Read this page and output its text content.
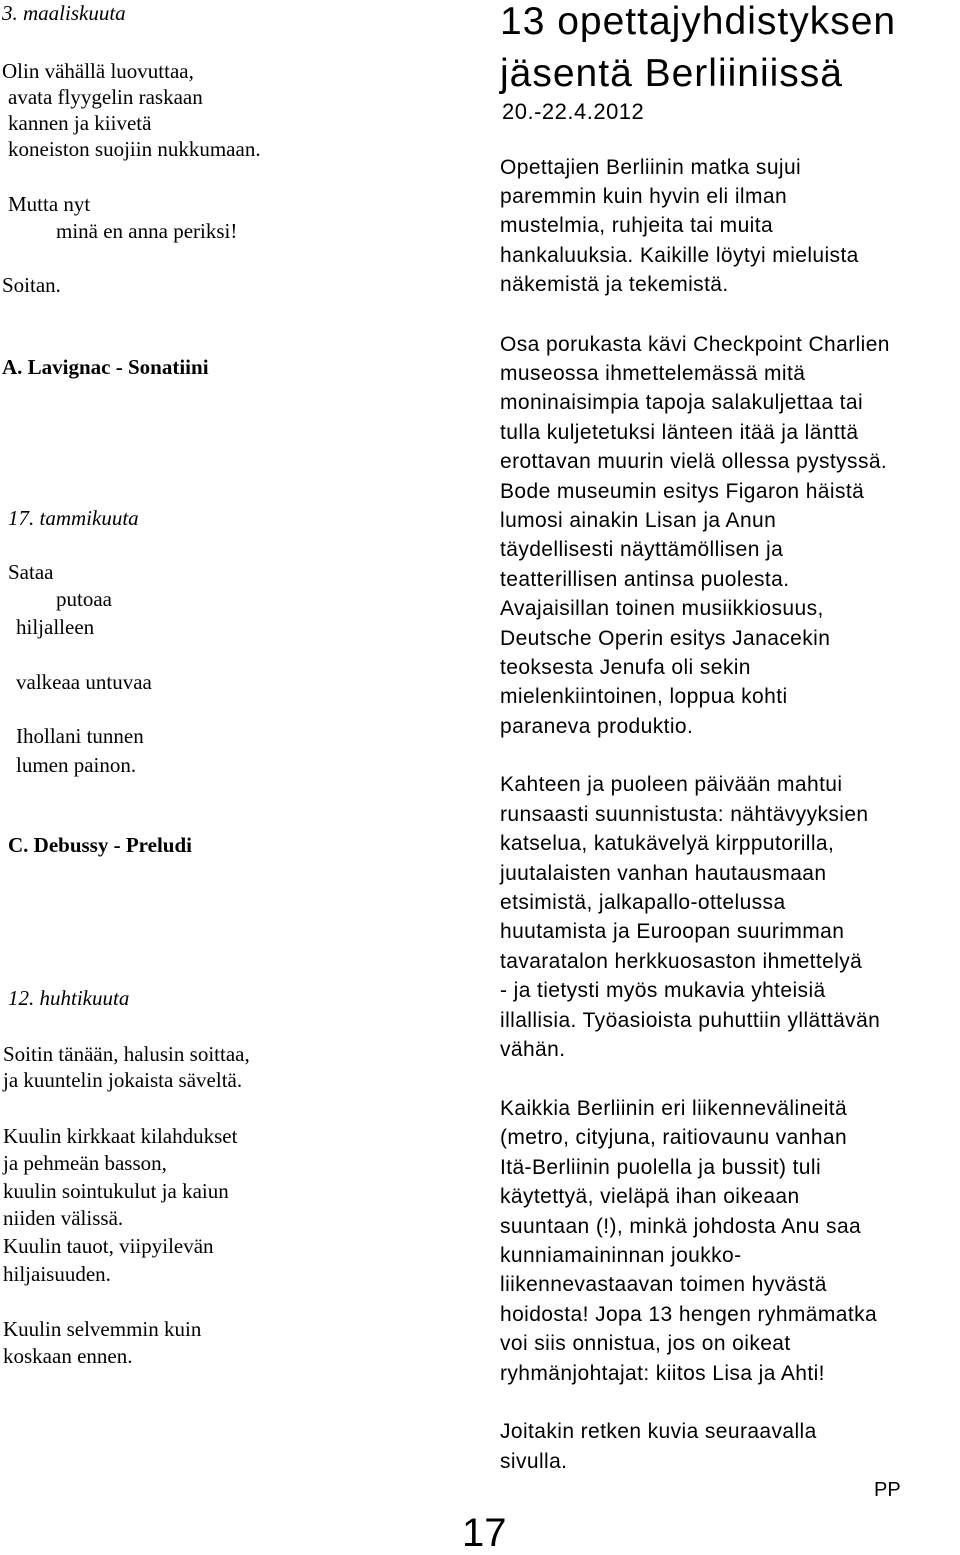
3. maaliskuuta
Olin vähällä luovuttaa,
avata flyygelin raskaan
kannen ja kiivetä
koneiston suojiin nukkumaan.
Mutta nyt
minä en anna periksi!
Soitan.
A. Lavignac - Sonatiini
17. tammikuuta
Sataa
putoaa
hiljalleen
valkeaa untuvaa
Ihollani tunnen
lumen painon.
C. Debussy - Preludi
12. huhtikuuta
Soitin tänään, halusin soittaa,
ja kuuntelin jokaista säveltä.
Kuulin kirkkaat kilahdukset
ja pehmeän basson,
kuulin sointukulut ja kaiun
niiden välissä.
Kuulin tauot, viipyilevän
hiljaisuuden.
Kuulin selvemmin kuin
koskaan ennen.
13 opettajyhdistyksen
jäsentä Berliiniissä
20.-22.4.2012
Opettajien Berliinin matka sujui
paremmin kuin hyvin eli ilman
mustelmia, ruhjeita tai muita
hankaluuksia. Kaikille löytyi mieluista
näkemistä ja tekemistä.
Osa porukasta kävi Checkpoint Charlien
museossa ihmettelemässä mitä
moninaisimpia tapoja salakuljettaa tai
tulla kuljetetuksi länteen itää ja länttä
erottavan muurin vielä ollessa pystyssä.
Bode museumin esitys Figaron häistä
lumosi ainakin Lisan ja Anun
täydellisesti näyttämöllisen ja
teatterillisen antinsa puolesta.
Avajaisillan toinen musiikkiosuus,
Deutsche Operin esitys Janacekin
teoksesta Jenufa oli sekin
mielenkiintoinen, loppua kohti
paraneva produktio.
Kahteen ja puoleen päivään mahtui
runsaasti suunnistusta: nähtävyyksien
katselua, katukävelyä kirpputorilla,
juutalaisten vanhan hautausmaan
etsimistä, jalkapallo-ottelussa
huutamista ja Euroopan suurimman
tavaratalon herkkuosaston ihmettelyä
- ja tietysti myös mukavia yhteisiä
illallisia. Työasioista puhuttiin yllättävän
vähän.
Kaikkia Berliinin eri liikennevälineitä
(metro, cityjuna, raitiovaunu vanhan
Itä-Berliinin puolella ja bussit) tuli
käytettyä, vieläpä ihan oikeaan
suuntaan (!), minkä johdosta Anu saa
kunniamaininnan joukko-
liikennevastaavan toimen hyvästä
hoidosta! Jopa 13 hengen ryhmämatka
voi siis onnistua, jos on oikeat
ryhmänjohtajat: kiitos Lisa ja Ahti!
Joitakin retken kuvia seuraavalla
sivulla.
PP
17
